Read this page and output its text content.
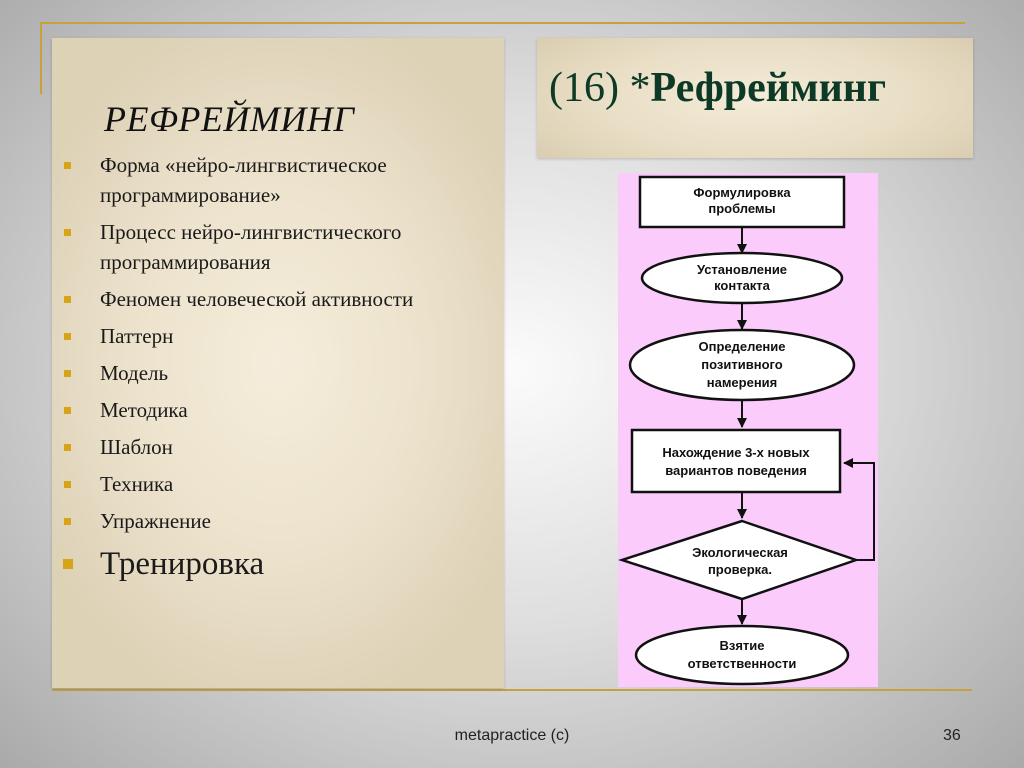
РЕФРЕЙМИНГ
Форма «нейро-лингвистическое программирование»
Процесс нейро-лингвистического программирования
Феномен человеческой активности
Паттерн
Модель
Методика
Шаблон
Техника
Упражнение
Тренировка
(16) *Рефрейминг
Формулировка
проблемы
Установление
контакта
Определение
позитивного
намерения
Нахождение 3-х новых
вариантов поведения
Экологическая
проверка.
Взятие
ответственности
metapractice (c)	36
